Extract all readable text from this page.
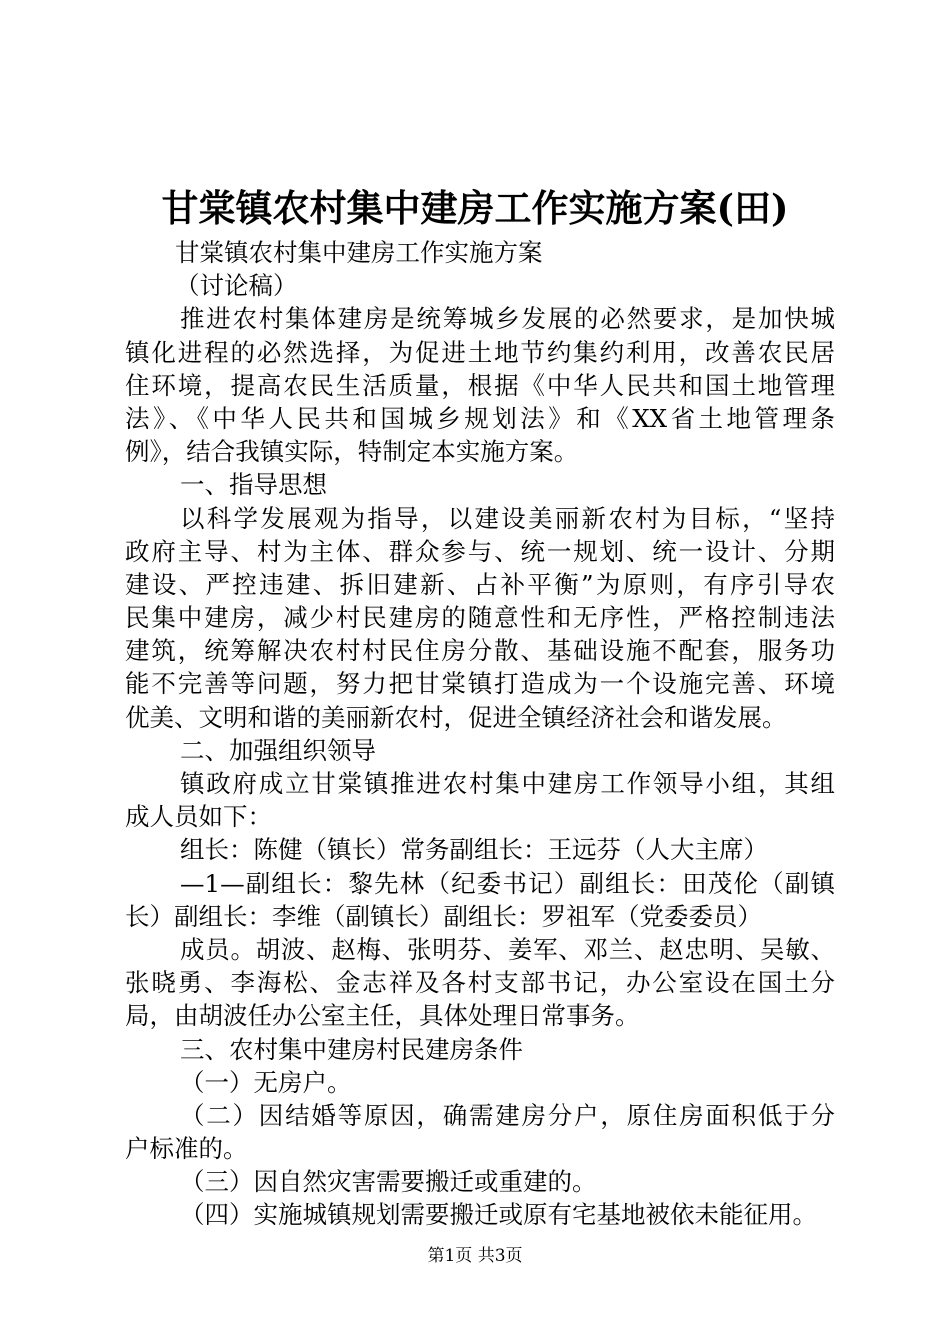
甘棠镇农村集中建房工作实施方案(田)
甘棠镇农村集中建房工作实施方案
（讨论稿）
推进农村集体建房是统筹城乡发展的必然要求，是加快城
镇化进程的必然选择，为促进土地节约集约利用，改善农民居
住环境，提高农民生活质量，根据《中华人民共和国土地管理
法》、《中华人民共和国城乡规划法》和《XX省土地管理条
例》，结合我镇实际，特制定本实施方案。
一、指导思想
以科学发展观为指导，以建设美丽新农村为目标，“坚持
政府主导、村为主体、群众参与、统一规划、统一设计、分期
建设、严控违建、拆旧建新、占补平衡”为原则，有序引导农
民集中建房，减少村民建房的随意性和无序性，严格控制违法
建筑，统筹解决农村村民住房分散、基础设施不配套，服务功
能不完善等问题，努力把甘棠镇打造成为一个设施完善、环境
优美、文明和谐的美丽新农村，促进全镇经济社会和谐发展。
二、加强组织领导
镇政府成立甘棠镇推进农村集中建房工作领导小组，其组
成人员如下：
组长：陈健（镇长）常务副组长：王远芬（人大主席）
—1—副组长：黎先林（纪委书记）副组长：田茂伦（副镇
长）副组长：李维（副镇长）副组长：罗祖军（党委委员）
成员。胡波、赵梅、张明芬、姜军、邓兰、赵忠明、吴敏、
张晓勇、李海松、金志祥及各村支部书记，办公室设在国土分
局，由胡波任办公室主任，具体处理日常事务。
三、农村集中建房村民建房条件
（一）无房户。
（二）因结婚等原因，确需建房分户，原住房面积低于分
户标准的。
（三）因自然灾害需要搬迁或重建的。
（四）实施城镇规划需要搬迁或原有宅基地被依未能征用。
第1页 共3页
